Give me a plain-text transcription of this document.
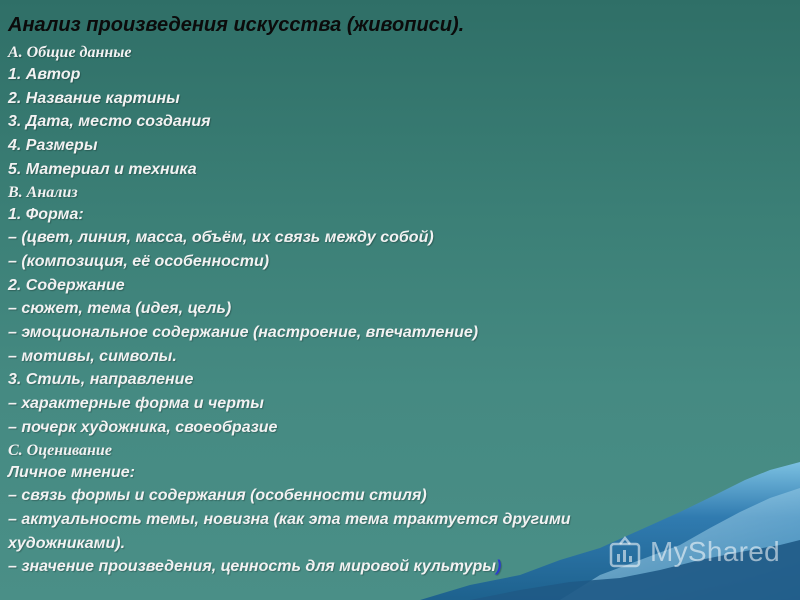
Анализ произведения искусства (живописи).
A. Общие данные
1. Автор
2. Название картины
3. Дата, место создания
4. Размеры
5. Материал и техника
B. Анализ
1. Форма:
– (цвет, линия, масса, объём, их связь между собой)
– (композиция, её особенности)
2. Содержание
– сюжет, тема (идея, цель)
– эмоциональное содержание (настроение, впечатление)
– мотивы, символы.
3. Стиль, направление
– характерные форма и черты
– почерк художника, своеобразие
C. Оценивание
Личное мнение:
– связь формы и содержания (особенности стиля)
– актуальность темы, новизна (как эта тема трактуется другими
художниками).
– значение произведения, ценность для мировой культуры)	MyShared
